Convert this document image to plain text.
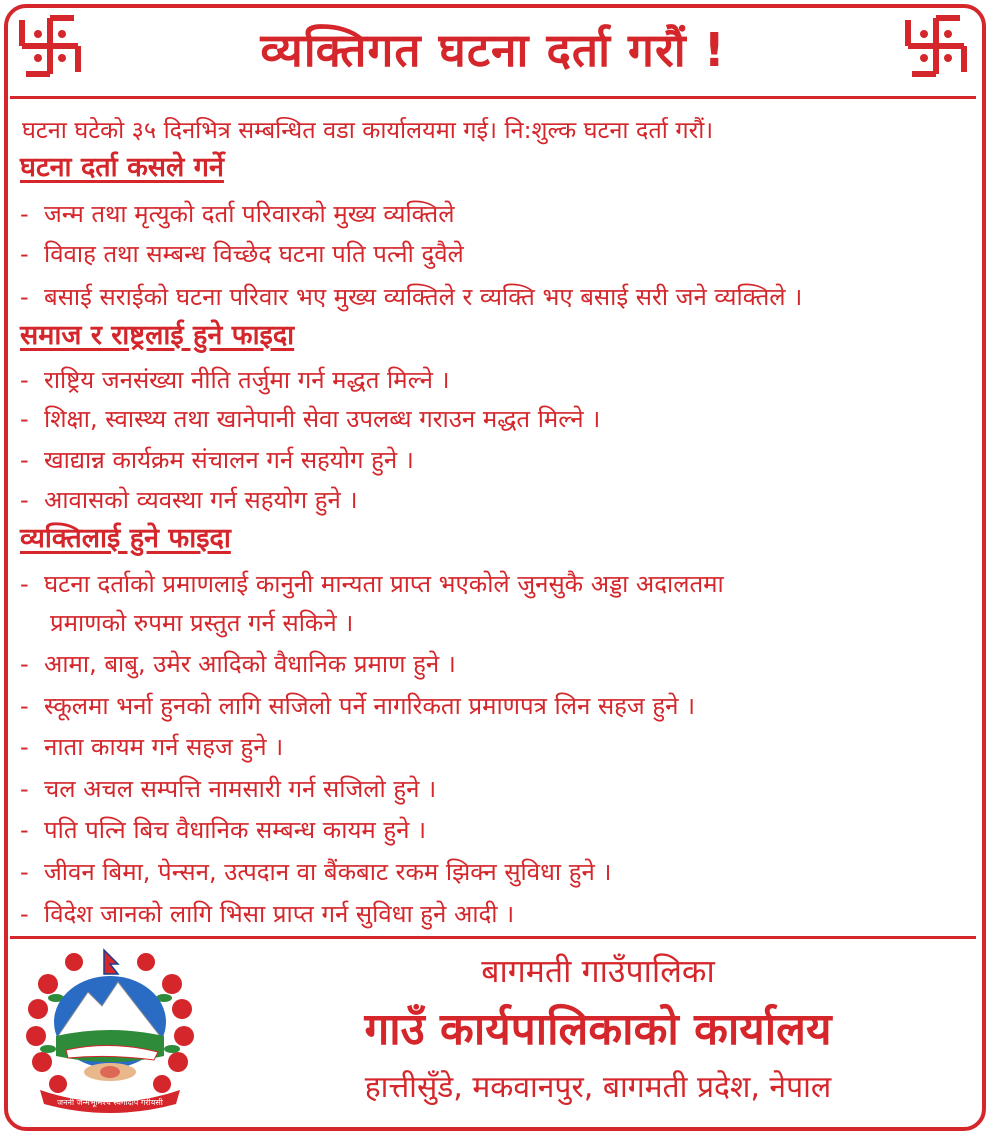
व्यक्तिगत घटना दर्ता गरौं !
घटना घटेको ३५ दिनभित्र सम्बन्धित वडा कार्यालयमा गई। नि:शुल्क घटना दर्ता गरौं।
घटना दर्ता कसले गर्ने
- जन्म तथा मृत्युको दर्ता परिवारको मुख्य व्यक्तिले
- विवाह तथा सम्बन्ध विच्छेद घटना पति पत्नी दुवैले
- बसाई सराईको घटना परिवार भए मुख्य व्यक्तिले र व्यक्ति भए बसाई सरी जने व्यक्तिले ।
समाज र राष्ट्रलाई हुने फाइदा
- राष्ट्रिय जनसंख्या नीति तर्जुमा गर्न मद्धत मिल्ने ।
- शिक्षा, स्वास्थ्य तथा खानेपानी सेवा उपलब्ध गराउन मद्धत मिल्ने ।
- खाद्यान्न कार्यक्रम संचालन गर्न सहयोग हुने ।
- आवासको व्यवस्था गर्न सहयोग हुने ।
व्यक्तिलाई हुने फाइदा
- घटना दर्ताको प्रमाणलाई कानुनी मान्यता प्राप्त भएकोले जुनसुकै अड्डा अदालतमा
प्रमाणको रुपमा प्रस्तुत गर्न सकिने ।
- आमा, बाबु, उमेर आदिको वैधानिक प्रमाण हुने ।
- स्कूलमा भर्ना हुनको लागि सजिलो पर्ने नागरिकता प्रमाणपत्र लिन सहज हुने ।
- नाता कायम गर्न सहज हुने ।
- चल अचल सम्पत्ति नामसारी गर्न सजिलो हुने ।
- पति पत्नि बिच वैधानिक सम्बन्ध कायम हुने ।
- जीवन बिमा, पेन्सन, उत्पदान वा बैंकबाट रकम झिक्न सुविधा हुने ।
- विदेश जानको लागि भिसा प्राप्त गर्न सुविधा हुने आदी ।
जननी जन्मभूमिश्च स्वर्गादपि गरीयसी
बागमती गाउँपालिका
गाउँ कार्यपालिकाको कार्यालय
हात्तीसुँडे, मकवानपुर, बागमती प्रदेश, नेपाल
